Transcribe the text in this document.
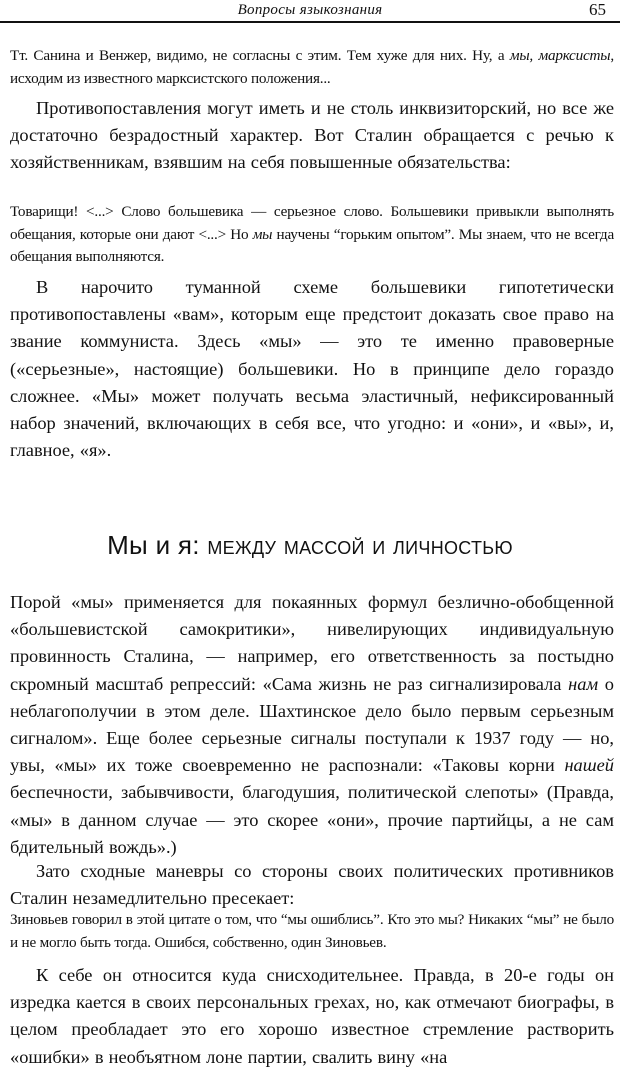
Вопросы языкознания	65

Тт. Санина и Венжер, видимо, не согласны с этим. Тем хуже для них. Ну, а мы, марксисты, исходим из известного марксистского положения...

Противопоставления могут иметь и не столь инквизиторский, но все же достаточно безрадостный характер. Вот Сталин обращается с речью к хозяйственникам, взявшим на себя повышенные обязательства:

Товарищи! <...> Слово большевика — серьезное слово. Большевики привыкли выполнять обещания, которые они дают <...> Но мы научены “горьким опытом”. Мы знаем, что не всегда обещания выполняются.

В нарочито туманной схеме большевики гипотетически противопоставлены «вам», которым еще предстоит доказать свое право на звание коммуниста. Здесь «мы» — это те именно правоверные («серьезные», настоящие) большевики. Но в принципе дело гораздо сложнее. «Мы» может получать весьма эластичный, нефиксированный набор значений, включающих в себя все, что угодно: и «они», и «вы», и, главное, «я».

Мы и я: между массой и личностью

Порой «мы» применяется для покаянных формул безлично-обобщенной «большевистской самокритики», нивелирующих индивидуальную провинность Сталина, — например, его ответственность за постыдно скромный масштаб репрессий: «Сама жизнь не раз сигнализировала нам о неблагополучии в этом деле. Шахтинское дело было первым серьезным сигналом». Еще более серьезные сигналы поступали к 1937 году — но, увы, «мы» их тоже своевременно не распознали: «Таковы корни нашей беспечности, забывчивости, благодушия, политической слепоты» (Правда, «мы» в данном случае — это скорее «они», прочие партийцы, а не сам бдительный вождь».)

Зато сходные маневры со стороны своих политических противников Сталин незамедлительно пресекает:

Зиновьев говорил в этой цитате о том, что “мы ошиблись”. Кто это мы? Никаких “мы” не было и не могло быть тогда. Ошибся, собственно, один Зиновьев.

К себе он относится куда снисходительнее. Правда, в 20-е годы он изредка кается в своих персональных грехах, но, как отмечают биографы, в целом преобладает это его хорошо известное стремление растворить «ошибки» в необъятном лоне партии, свалить вину «на
